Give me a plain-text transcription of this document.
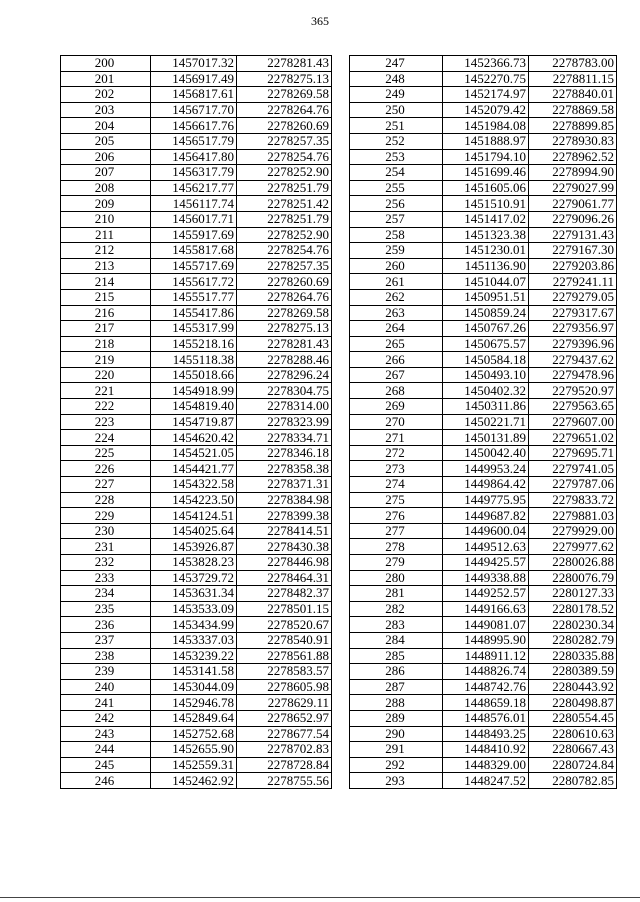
365
200	1457017.32	2278281.43
201	1456917.49	2278275.13
202	1456817.61	2278269.58
203	1456717.70	2278264.76
204	1456617.76	2278260.69
205	1456517.79	2278257.35
206	1456417.80	2278254.76
207	1456317.79	2278252.90
208	1456217.77	2278251.79
209	1456117.74	2278251.42
210	1456017.71	2278251.79
211	1455917.69	2278252.90
212	1455817.68	2278254.76
213	1455717.69	2278257.35
214	1455617.72	2278260.69
215	1455517.77	2278264.76
216	1455417.86	2278269.58
217	1455317.99	2278275.13
218	1455218.16	2278281.43
219	1455118.38	2278288.46
220	1455018.66	2278296.24
221	1454918.99	2278304.75
222	1454819.40	2278314.00
223	1454719.87	2278323.99
224	1454620.42	2278334.71
225	1454521.05	2278346.18
226	1454421.77	2278358.38
227	1454322.58	2278371.31
228	1454223.50	2278384.98
229	1454124.51	2278399.38
230	1454025.64	2278414.51
231	1453926.87	2278430.38
232	1453828.23	2278446.98
233	1453729.72	2278464.31
234	1453631.34	2278482.37
235	1453533.09	2278501.15
236	1453434.99	2278520.67
237	1453337.03	2278540.91
238	1453239.22	2278561.88
239	1453141.58	2278583.57
240	1453044.09	2278605.98
241	1452946.78	2278629.11
242	1452849.64	2278652.97
243	1452752.68	2278677.54
244	1452655.90	2278702.83
245	1452559.31	2278728.84
246	1452462.92	2278755.56
247	1452366.73	2278783.00
248	1452270.75	2278811.15
249	1452174.97	2278840.01
250	1452079.42	2278869.58
251	1451984.08	2278899.85
252	1451888.97	2278930.83
253	1451794.10	2278962.52
254	1451699.46	2278994.90
255	1451605.06	2279027.99
256	1451510.91	2279061.77
257	1451417.02	2279096.26
258	1451323.38	2279131.43
259	1451230.01	2279167.30
260	1451136.90	2279203.86
261	1451044.07	2279241.11
262	1450951.51	2279279.05
263	1450859.24	2279317.67
264	1450767.26	2279356.97
265	1450675.57	2279396.96
266	1450584.18	2279437.62
267	1450493.10	2279478.96
268	1450402.32	2279520.97
269	1450311.86	2279563.65
270	1450221.71	2279607.00
271	1450131.89	2279651.02
272	1450042.40	2279695.71
273	1449953.24	2279741.05
274	1449864.42	2279787.06
275	1449775.95	2279833.72
276	1449687.82	2279881.03
277	1449600.04	2279929.00
278	1449512.63	2279977.62
279	1449425.57	2280026.88
280	1449338.88	2280076.79
281	1449252.57	2280127.33
282	1449166.63	2280178.52
283	1449081.07	2280230.34
284	1448995.90	2280282.79
285	1448911.12	2280335.88
286	1448826.74	2280389.59
287	1448742.76	2280443.92
288	1448659.18	2280498.87
289	1448576.01	2280554.45
290	1448493.25	2280610.63
291	1448410.92	2280667.43
292	1448329.00	2280724.84
293	1448247.52	2280782.85
